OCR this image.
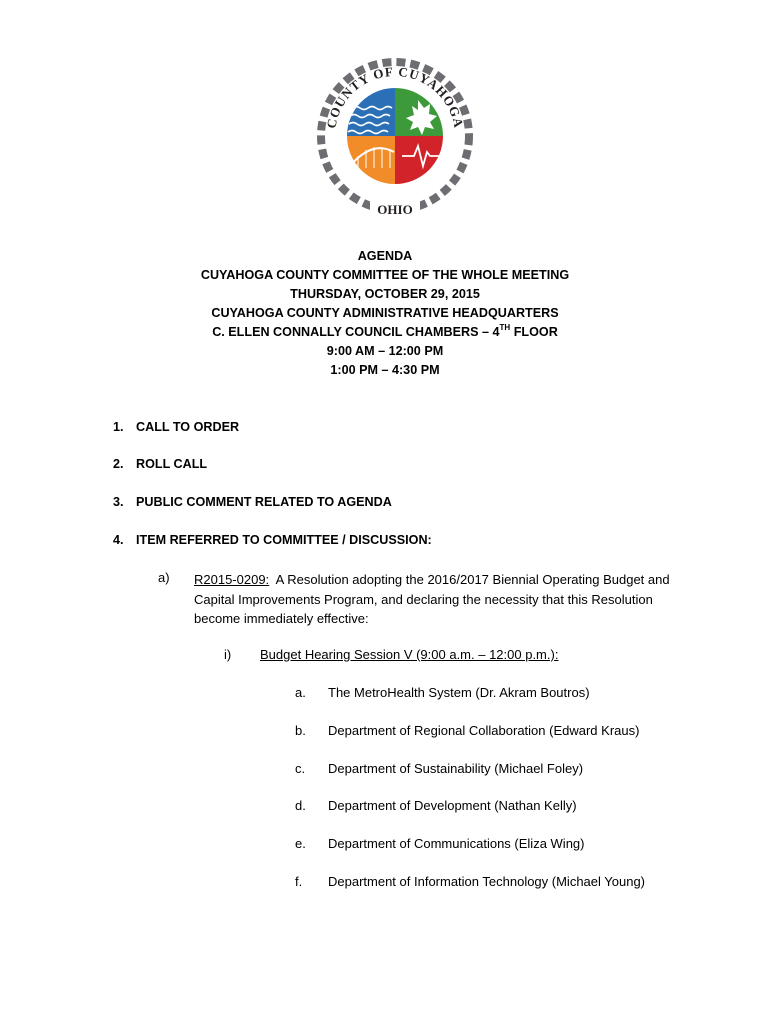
COUNTY OF CUYAHOGA
OHIO
AGENDA
CUYAHOGA COUNTY COMMITTEE OF THE WHOLE MEETING
THURSDAY, OCTOBER 29, 2015
CUYAHOGA COUNTY ADMINISTRATIVE HEADQUARTERS
C. ELLEN CONNALLY COUNCIL CHAMBERS – 4TH FLOOR
9:00 AM – 12:00 PM
1:00 PM – 4:30 PM
1. CALL TO ORDER
2. ROLL CALL
3. PUBLIC COMMENT RELATED TO AGENDA
4. ITEM REFERRED TO COMMITTEE / DISCUSSION:
a) R2015-0209:  A Resolution adopting the 2016/2017 Biennial Operating Budget and Capital Improvements Program, and declaring the necessity that this Resolution become immediately effective:
i) Budget Hearing Session V (9:00 a.m. – 12:00 p.m.):
a. The MetroHealth System (Dr. Akram Boutros)
b. Department of Regional Collaboration (Edward Kraus)
c. Department of Sustainability (Michael Foley)
d. Department of Development (Nathan Kelly)
e. Department of Communications (Eliza Wing)
f. Department of Information Technology (Michael Young)
